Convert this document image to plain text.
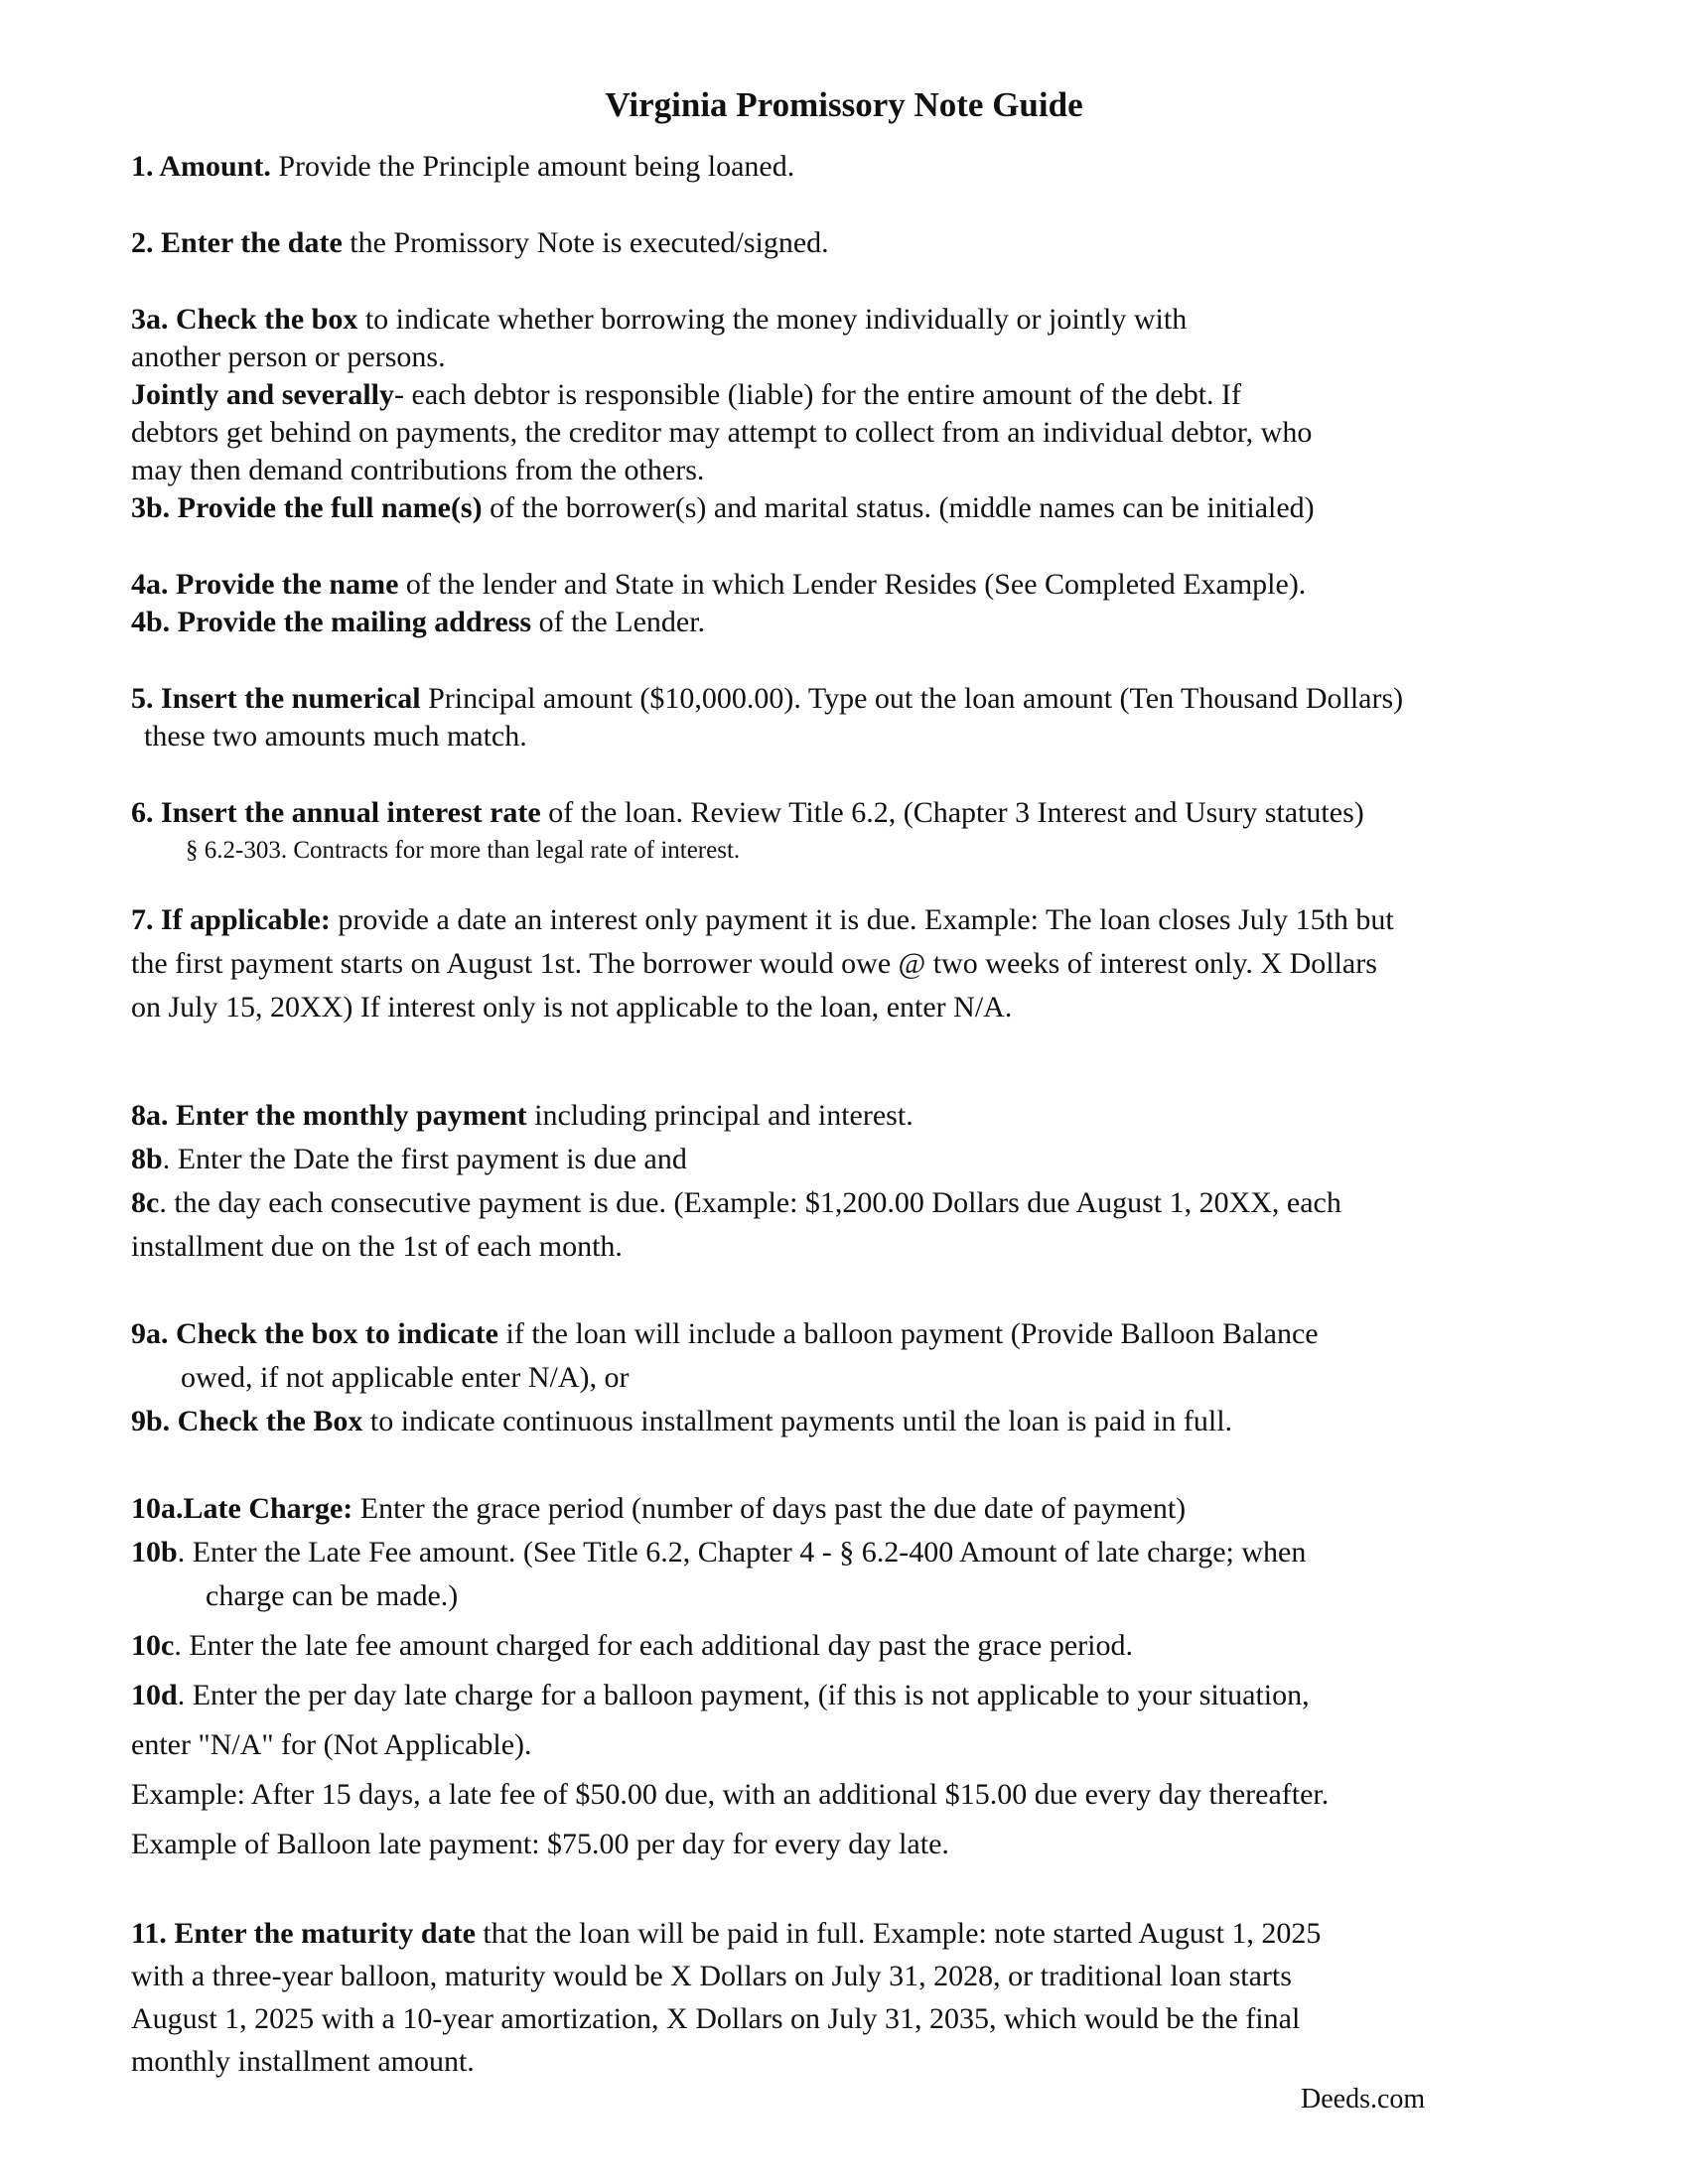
Virginia Promissory Note Guide
1. Amount. Provide the Principle amount being loaned.
2. Enter the date the Promissory Note is executed/signed.
3a. Check the box to indicate whether borrowing the money individually or jointly with
another person or persons.
Jointly and severally- each debtor is responsible (liable) for the entire amount of the debt. If
debtors get behind on payments, the creditor may attempt to collect from an individual debtor, who
may then demand contributions from the others.
3b. Provide the full name(s) of the borrower(s) and marital status. (middle names can be initialed)
4a. Provide the name of the lender and State in which Lender Resides (See Completed Example).
4b. Provide the mailing address of the Lender.
5. Insert the numerical Principal amount ($10,000.00). Type out the loan amount (Ten Thousand Dollars)
these two amounts much match.
6. Insert the annual interest rate of the loan. Review Title 6.2, (Chapter 3 Interest and Usury statutes)
§ 6.2-303. Contracts for more than legal rate of interest.
7. If applicable: provide a date an interest only payment it is due. Example: The loan closes July 15th but
the first payment starts on August 1st. The borrower would owe @ two weeks of interest only. X Dollars
on July 15, 20XX) If interest only is not applicable to the loan, enter N/A.
8a. Enter the monthly payment including principal and interest.
8b. Enter the Date the first payment is due and
8c. the day each consecutive payment is due. (Example: $1,200.00 Dollars due August 1, 20XX, each
installment due on the 1st of each month.
9a. Check the box to indicate if the loan will include a balloon payment (Provide Balloon Balance
owed, if not applicable enter N/A), or
9b. Check the Box to indicate continuous installment payments until the loan is paid in full.
10a.Late Charge: Enter the grace period (number of days past the due date of payment)
10b. Enter the Late Fee amount. (See Title 6.2, Chapter 4 - § 6.2-400 Amount of late charge; when
charge can be made.)
10c. Enter the late fee amount charged for each additional day past the grace period.
10d. Enter the per day late charge for a balloon payment, (if this is not applicable to your situation,
enter "N/A" for (Not Applicable).
Example: After 15 days, a late fee of $50.00 due, with an additional $15.00 due every day thereafter.
Example of Balloon late payment: $75.00 per day for every day late.
11. Enter the maturity date that the loan will be paid in full. Example: note started August 1, 2025
with a three-year balloon, maturity would be X Dollars on July 31, 2028, or traditional loan starts
August 1, 2025 with a 10-year amortization, X Dollars on July 31, 2035, which would be the final
monthly installment amount.
Deeds.com
